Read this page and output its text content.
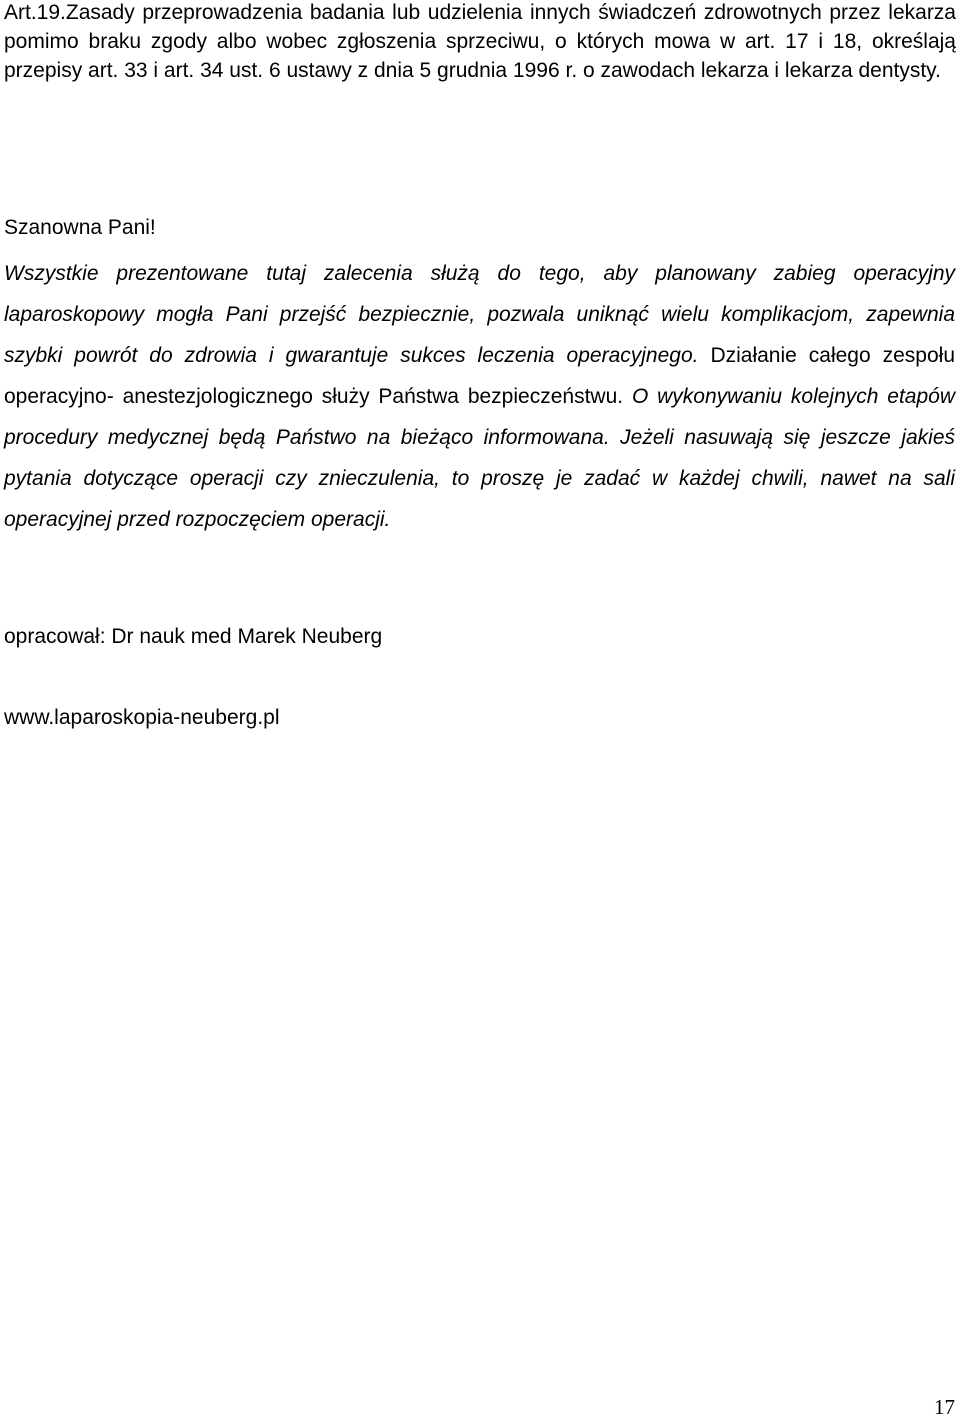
Art.19.Zasady przeprowadzenia badania lub udzielenia innych świadczeń zdrowotnych przez lekarza pomimo braku zgody albo wobec zgłoszenia sprzeciwu, o których mowa w art. 17 i 18, określają przepisy art. 33 i art. 34 ust. 6 ustawy z dnia 5 grudnia 1996 r. o zawodach lekarza i lekarza dentysty.

Szanowna Pani!

Wszystkie prezentowane tutaj zalecenia służą do tego, aby planowany zabieg operacyjny laparoskopowy mogła Pani przejść bezpiecznie, pozwala uniknąć wielu komplikacjom, zapewnia szybki powrót do zdrowia i gwarantuje sukces leczenia operacyjnego. Działanie całego zespołu operacyjno- anestezjologicznego służy Państwa bezpieczeństwu. O wykonywaniu kolejnych etapów procedury medycznej będą Państwo na bieżąco informowana. Jeżeli nasuwają się jeszcze jakieś pytania dotyczące operacji czy znieczulenia, to proszę je zadać w każdej chwili, nawet na sali operacyjnej przed rozpoczęciem operacji.

opracował: Dr nauk med Marek Neuberg

www.laparoskopia-neuberg.pl

17
